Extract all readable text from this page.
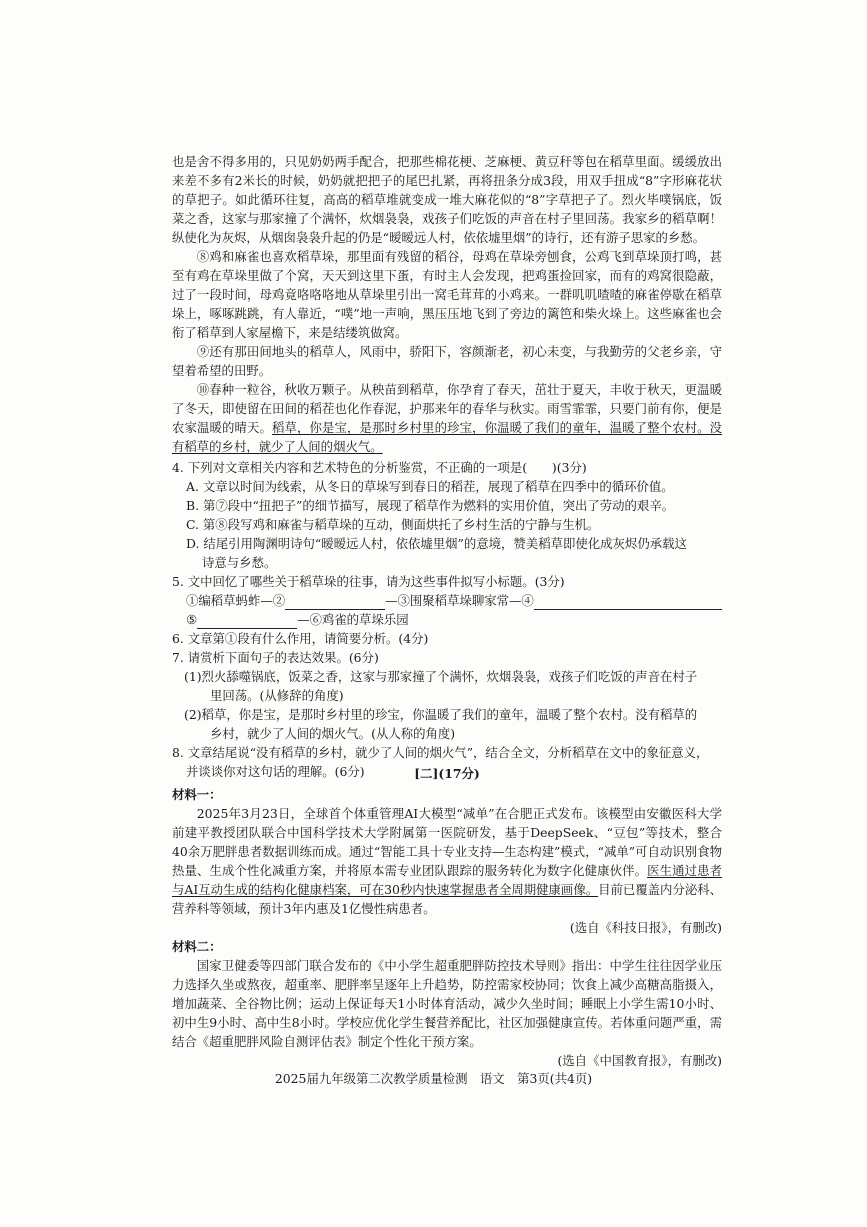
也是舍不得多用的，只见奶奶两手配合，把那些棉花梗、芝麻梗、黄豆秆等包在稻草里面。缓缓放出来差不多有2米长的时候，奶奶就把把子的尾巴扎紧，再将扭条分成3段，用双手扭成“8”字形麻花状的草把子。如此循环往复，高高的稻草堆就变成一堆大麻花似的“8”字草把子了。烈火毕噗锅底，饭菜之香，这家与那家撞了个满怀，炊烟袅袅，戏孩子们吃饭的声音在村子里回荡。我家乡的稻草啊！纵使化为灰烬，从烟囱袅袅升起的仍是“暧暧远人村，依依墟里烟”的诗行，还有游子思家的乡愁。

⑧鸡和麻雀也喜欢稻草垛，那里面有残留的稻谷，母鸡在草垛旁刨食，公鸡飞到草垛顶打鸣，甚至有鸡在草垛里做了个窝，天天到这里下蛋，有时主人会发现，把鸡蛋捡回家，而有的鸡窝很隐蔽，过了一段时间，母鸡竟咯咯咯地从草垛里引出一窝毛茸茸的小鸡来。一群叽叽喳喳的麻雀停歇在稻草垛上，啄啄跳跳，有人靠近，“噗”地一声响，黑压压地飞到了旁边的篱笆和柴火垛上。这些麻雀也会衔了稻草到人家屋檐下，来是结缕筑做窝。

⑨还有那田间地头的稻草人，风雨中，骄阳下，容颜渐老，初心未变，与我勤劳的父老乡亲，守望着希望的田野。

⑩春种一粒谷，秋收万颗子。从秧苗到稻草，你孕育了春天，茁壮于夏天，丰收于秋天，更温暖了冬天，即使留在田间的稻茬也化作春泥，护那来年的春华与秋实。雨雪霏霏，只要门前有你，便是农家温暖的晴天。稻草，你是宝，是那时乡村里的珍宝，你温暖了我们的童年，温暖了整个农村。没有稻草的乡村，就少了人间的烟火气。

4. 下列对文章相关内容和艺术特色的分析鉴赏，不正确的一项是(　　)(3分)

A. 文章以时间为线索，从冬日的草垛写到春日的稻茬，展现了稻草在四季中的循环价值。

B. 第⑦段中“扭把子”的细节描写，展现了稻草作为燃料的实用价值，突出了劳动的艰辛。

C. 第⑧段写鸡和麻雀与稻草垛的互动，侧面烘托了乡村生活的宁静与生机。

D. 结尾引用陶渊明诗句“暧暧远人村，依依墟里烟”的意境，赞美稻草即使化成灰烬仍承载这

诗意与乡愁。

5. 文中回忆了哪些关于稻草垛的往事，请为这些事件拟写小标题。(3分)

①编稻草蚂蚱—②	—③围聚稻草垛聊家常—④
⑤	—⑥鸡雀的草垛乐园

6. 文章第①段有什么作用，请简要分析。(4分)

7. 请赏析下面句子的表达效果。(6分)

(1)烈火舔噬锅底，饭菜之香，这家与那家撞了个满怀，炊烟袅袅，戏孩子们吃饭的声音在村子

里回荡。(从修辞的角度)

(2)稻草，你是宝，是那时乡村里的珍宝，你温暖了我们的童年，温暖了整个农村。没有稻草的

乡村，就少了人间的烟火气。(从人称的角度)

8. 文章结尾说“没有稻草的乡村，就少了人间的烟火气”，结合全文，分析稻草在文中的象征意义，

并谈谈你对这句话的理解。(6分)	[二](17分)

材料一：

2025年3月23日，全球首个体重管理AI大模型“减单”在合肥正式发布。该模型由安徽医科大学前建平教授团队联合中国科学技术大学附属第一医院研发，基于DeepSeek、“豆包”等技术，整合40余万肥胖患者数据训练而成。通过“智能工具十专业支持—生态构建”模式，“减单”可自动识别食物热量、生成个性化减重方案，并将原本需专业团队跟踪的服务转化为数字化健康伙伴。医生通过患者与AI互动生成的结构化健康档案，可在30秒内快速掌握患者全周期健康画像。目前已覆盖内分泌科、营养科等领域，预计3年内惠及1亿慢性病患者。

(选自《科技日报》，有删改)

材料二：

国家卫健委等四部门联合发布的《中小学生超重肥胖防控技术导则》指出：中学生往往因学业压力选择久坐或熬夜，超重率、肥胖率呈逐年上升趋势，防控需家校协同；饮食上减少高糖高脂摄入，增加蔬菜、全谷物比例；运动上保证每天1小时体育活动，减少久坐时间；睡眠上小学生需10小时、初中生9小时、高中生8小时。学校应优化学生餐营养配比，社区加强健康宣传。若体重问题严重，需结合《超重肥胖风险自测评估表》制定个性化干预方案。

(选自《中国教育报》，有删改)

2025届九年级第二次教学质量检测　语文　第3页(共4页)
